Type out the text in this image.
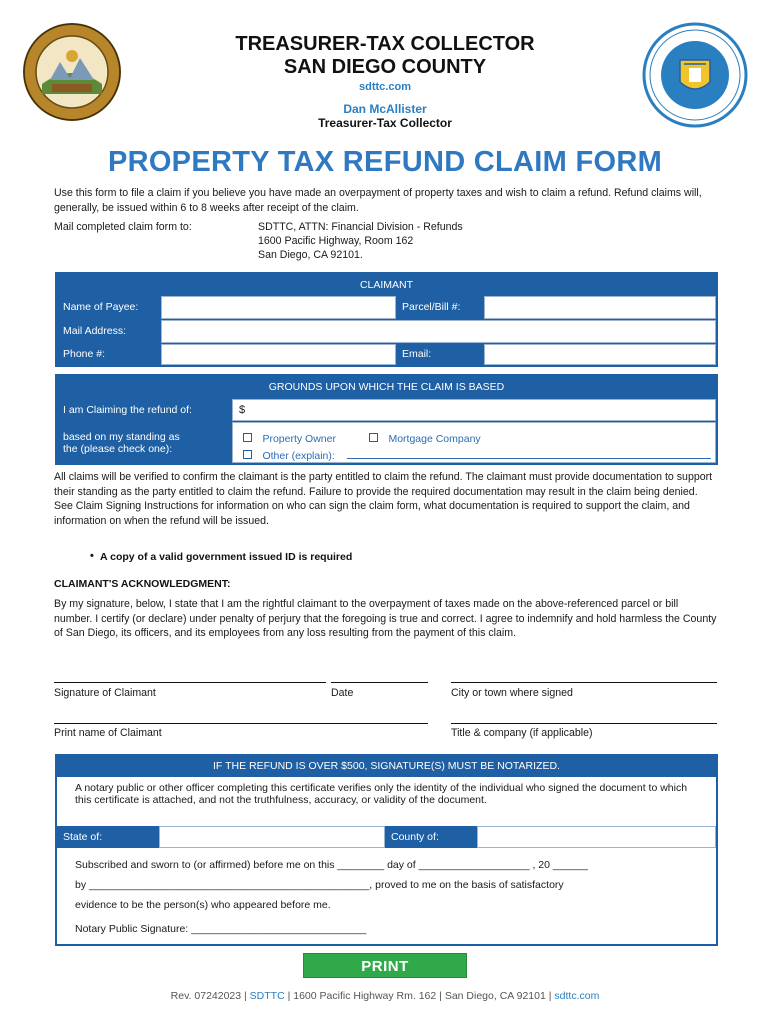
TREASURER-TAX COLLECTOR
SAN DIEGO COUNTY
sdttc.com
Dan McAllister
Treasurer-Tax Collector
PROPERTY TAX REFUND CLAIM FORM
Use this form to file a claim if you believe you have made an overpayment of property taxes and wish to claim a refund. Refund claims will, generally, be issued within 6 to 8 weeks after receipt of the claim.
Mail completed claim form to:	SDTTC, ATTN: Financial Division - Refunds
1600 Pacific Highway, Room 162
San Diego, CA 92101.
CLAIMANT
Name of Payee:	Parcel/Bill #:
Mail Address:
Phone #:	Email:
GROUNDS UPON WHICH THE CLAIM IS BASED
I am Claiming the refund of:	$
based on my standing as
the (please check one):
Property Owner	Mortgage Company
Other (explain):
All claims will be verified to confirm the claimant is the party entitled to claim the refund. The claimant must provide documentation to support their standing as the party entitled to claim the refund. Failure to provide the required documentation may result in the claim being denied. See Claim Signing Instructions for information on who can sign the claim form, what documentation is required to support the claim, and information on when the refund will be issued.
• A copy of a valid government issued ID is required
CLAIMANT'S ACKNOWLEDGMENT:
By my signature, below, I state that I am the rightful claimant to the overpayment of taxes made on the above-referenced parcel or bill number. I certify (or declare) under penalty of perjury that the foregoing is true and correct. I agree to indemnify and hold harmless the County of San Diego, its officers, and its employees from any loss resulting from the payment of this claim.
Signature of Claimant	Date	City or town where signed
Print name of Claimant	Title & company (if applicable)
IF THE REFUND IS OVER $500, SIGNATURE(S) MUST BE NOTARIZED.
A notary public or other officer completing this certificate verifies only the identity of the individual who signed the document to which this certificate is attached, and not the truthfulness, accuracy, or validity of the document.
State of:	County of:
Subscribed and sworn to (or affirmed) before me on this ________ day of ___________________ , 20 ______
by ________________________________________________, proved to me on the basis of satisfactory
evidence to be the person(s) who appeared before me.
Notary Public Signature: ______________________________
PRINT
Rev. 07242023 | SDTTC | 1600 Pacific Highway Rm. 162 | San Diego, CA 92101 | sdttc.com
